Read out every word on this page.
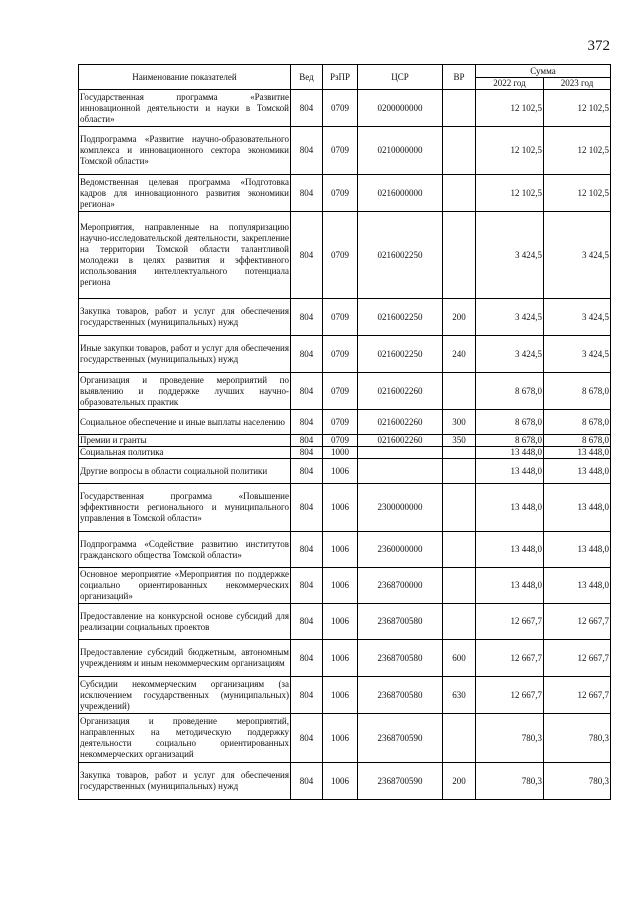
372
Наименование показателей	Вед	РзПР	ЦСР	ВР	Сумма	
					2022 год	2023 год
Государственная программа «Развитие инновационной деятельности и науки в Томской области»	804	0709	0200000000		12 102,5	12 102,5
Подпрограмма «Развитие научно-образовательного комплекса и инновационного сектора экономики Томской области»	804	0709	0210000000		12 102,5	12 102,5
Ведомственная целевая программа «Подготовка кадров для инновационного развития экономики региона»	804	0709	0216000000		12 102,5	12 102,5
Мероприятия, направленные на популяризацию научно-исследовательской деятельности, закрепление на территории Томской области талантливой молодежи в целях развития и эффективного использования интеллектуального потенциала региона	804	0709	0216002250		3 424,5	3 424,5
Закупка товаров, работ и услуг для обеспечения государственных (муниципальных) нужд	804	0709	0216002250	200	3 424,5	3 424,5
Иные закупки товаров, работ и услуг для обеспечения государственных (муниципальных) нужд	804	0709	0216002250	240	3 424,5	3 424,5
Организация и проведение мероприятий по выявлению и поддержке лучших научно-образовательных практик	804	0709	0216002260		8 678,0	8 678,0
Социальное обеспечение и иные выплаты населению	804	0709	0216002260	300	8 678,0	8 678,0
Премии и гранты	804	0709	0216002260	350	8 678,0	8 678,0
Социальная политика	804	1000			13 448,0	13 448,0
Другие вопросы в области социальной политики	804	1006			13 448,0	13 448,0
Государственная программа «Повышение эффективности регионального и муниципального управления в Томской области»	804	1006	2300000000		13 448,0	13 448,0
Подпрограмма «Содействие развитию институтов гражданского общества Томской области»	804	1006	2360000000		13 448,0	13 448,0
Основное мероприятие «Мероприятия по поддержке социально ориентированных некоммерческих организаций»	804	1006	2368700000		13 448,0	13 448,0
Предоставление на конкурсной основе субсидий для реализации социальных проектов	804	1006	2368700580		12 667,7	12 667,7
Предоставление субсидий бюджетным, автономным учреждениям и иным некоммерческим организациям	804	1006	2368700580	600	12 667,7	12 667,7
Субсидии некоммерческим организациям (за исключением государственных (муниципальных) учреждений)	804	1006	2368700580	630	12 667,7	12 667,7
Организация и проведение мероприятий, направленных на методическую поддержку деятельности социально ориентированных некоммерческих организаций	804	1006	2368700590		780,3	780,3
Закупка товаров, работ и услуг для обеспечения государственных (муниципальных) нужд	804	1006	2368700590	200	780,3	780,3
